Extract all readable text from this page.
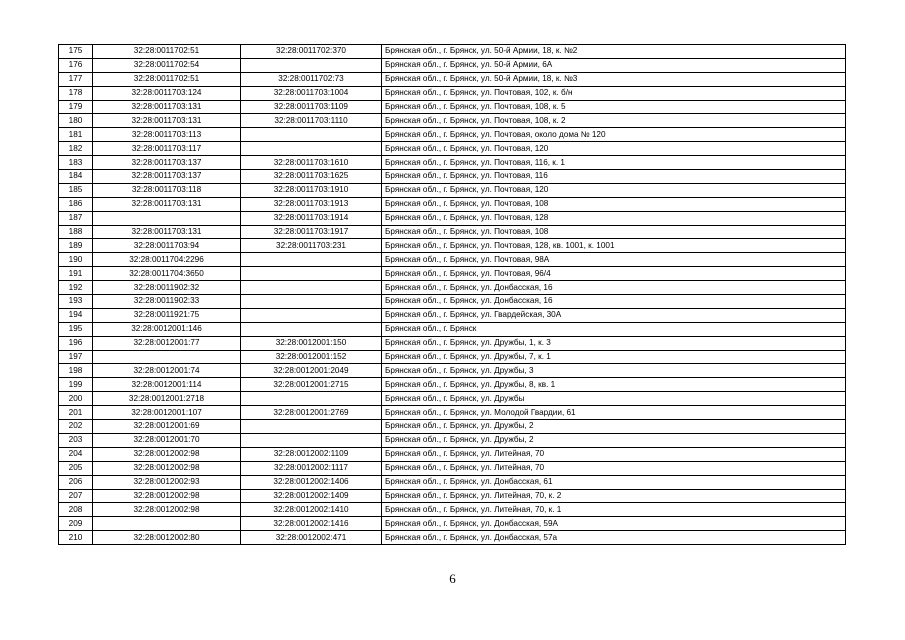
175	32:28:0011702:51	32:28:0011702:370	Брянская обл., г. Брянск, ул. 50-й Армии, 18, к. №2
176	32:28:0011702:54		Брянская обл., г. Брянск, ул. 50-й Армии, 6А
177	32:28:0011702:51	32:28:0011702:73	Брянская обл., г. Брянск, ул. 50-й Армии, 18, к. №3
178	32:28:0011703:124	32:28:0011703:1004	Брянская обл., г. Брянск, ул. Почтовая, 102, к. б/н
179	32:28:0011703:131	32:28:0011703:1109	Брянская обл., г. Брянск, ул. Почтовая, 108, к. 5
180	32:28:0011703:131	32:28:0011703:1110	Брянская обл., г. Брянск, ул. Почтовая, 108, к. 2
181	32:28:0011703:113		Брянская обл., г. Брянск, ул. Почтовая, около дома № 120
182	32:28:0011703:117		Брянская обл., г. Брянск, ул. Почтовая, 120
183	32:28:0011703:137	32:28:0011703:1610	Брянская обл., г. Брянск, ул. Почтовая, 116, к. 1
184	32:28:0011703:137	32:28:0011703:1625	Брянская обл., г. Брянск, ул. Почтовая, 116
185	32:28:0011703:118	32:28:0011703:1910	Брянская обл., г. Брянск, ул. Почтовая, 120
186	32:28:0011703:131	32:28:0011703:1913	Брянская обл., г. Брянск, ул. Почтовая, 108
187		32:28:0011703:1914	Брянская обл., г. Брянск, ул. Почтовая, 128
188	32:28:0011703:131	32:28:0011703:1917	Брянская обл., г. Брянск, ул. Почтовая, 108
189	32:28:0011703:94	32:28:0011703:231	Брянская обл., г. Брянск, ул. Почтовая, 128, кв. 1001, к. 1001
190	32:28:0011704:2296		Брянская обл., г. Брянск, ул. Почтовая, 98А
191	32:28:0011704:3650		Брянская обл., г. Брянск, ул. Почтовая, 96/4
192	32:28:0011902:32		Брянская обл., г. Брянск, ул. Донбасская, 16
193	32:28:0011902:33		Брянская обл., г. Брянск, ул. Донбасская, 16
194	32:28:0011921:75		Брянская обл., г. Брянск, ул. Гвардейская, 30А
195	32:28:0012001:146		Брянская обл., г. Брянск
196	32:28:0012001:77	32:28:0012001:150	Брянская обл., г. Брянск, ул. Дружбы, 1, к. 3
197		32:28:0012001:152	Брянская обл., г. Брянск, ул. Дружбы, 7, к. 1
198	32:28:0012001:74	32:28:0012001:2049	Брянская обл., г. Брянск, ул. Дружбы, 3
199	32:28:0012001:114	32:28:0012001:2715	Брянская обл., г. Брянск, ул. Дружбы, 8, кв. 1
200	32:28:0012001:2718		Брянская обл., г. Брянск, ул. Дружбы
201	32:28:0012001:107	32:28:0012001:2769	Брянская обл., г. Брянск, ул. Молодой Гвардии, 61
202	32:28:0012001:69		Брянская обл., г. Брянск, ул. Дружбы, 2
203	32:28:0012001:70		Брянская обл., г. Брянск, ул. Дружбы, 2
204	32:28:0012002:98	32:28:0012002:1109	Брянская обл., г. Брянск, ул. Литейная, 70
205	32:28:0012002:98	32:28:0012002:1117	Брянская обл., г. Брянск, ул. Литейная, 70
206	32:28:0012002:93	32:28:0012002:1406	Брянская обл., г. Брянск, ул. Донбасская, 61
207	32:28:0012002:98	32:28:0012002:1409	Брянская обл., г. Брянск, ул. Литейная, 70, к. 2
208	32:28:0012002:98	32:28:0012002:1410	Брянская обл., г. Брянск, ул. Литейная, 70, к. 1
209		32:28:0012002:1416	Брянская обл., г. Брянск, ул. Донбасская, 59А
210	32:28:0012002:80	32:28:0012002:471	Брянская обл., г. Брянск, ул. Донбасская, 57а
6
